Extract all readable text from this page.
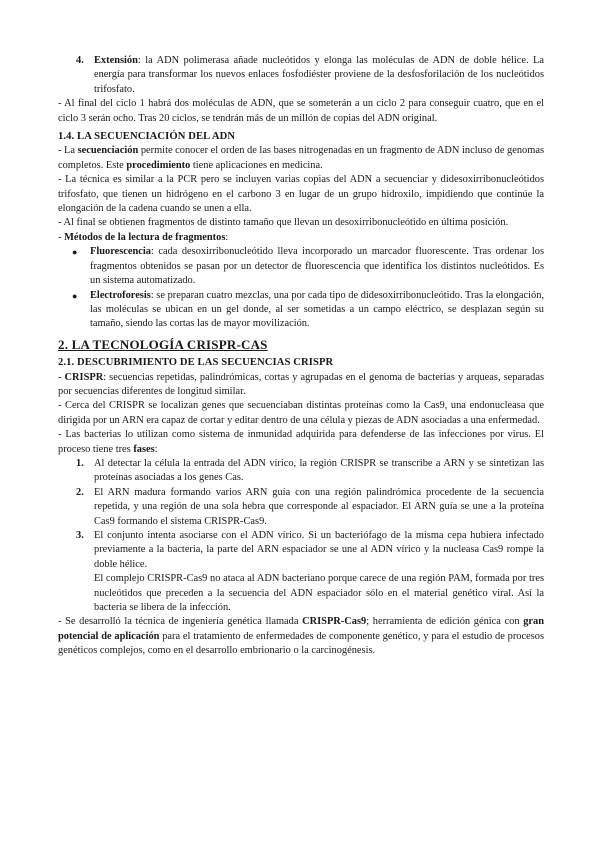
4. Extensión: la ADN polimerasa añade nucleótidos y elonga las moléculas de ADN de doble hélice. La energía para transformar los nuevos enlaces fosfodiéster proviene de la desfosforilación de los nucleótidos trifosfato.

- Al final del ciclo 1 habrá dos moléculas de ADN, que se someterán a un ciclo 2 para conseguir cuatro, que en el ciclo 3 serán ocho. Tras 20 ciclos, se tendrán más de un millón de copias del ADN original.

1.4. LA SECUENCIACIÓN DEL ADN

- La secuenciación permite conocer el orden de las bases nitrogenadas en un fragmento de ADN incluso de genomas completos. Este procedimiento tiene aplicaciones en medicina.

- La técnica es similar a la PCR pero se incluyen varias copias del ADN a secuenciar y didesoxirribonucleótidos trifosfato, que tienen un hidrógeno en el carbono 3 en lugar de un grupo hidroxilo, impidiendo que continúe la elongación de la cadena cuando se unen a ella.

- Al final se obtienen fragmentos de distinto tamaño que llevan un desoxirribonucleótido en última posición.

- Métodos de la lectura de fragmentos:

●	Fluorescencia: cada desoxirribonucleótido lleva incorporado un marcador fluorescente. Tras ordenar los fragmentos obtenidos se pasan por un detector de fluorescencia que identifica los distintos nucleótidos. Es un sistema automatizado.
●	Electroforesis: se preparan cuatro mezclas, una por cada tipo de didesoxirribonucleótido. Tras la elongación, las moléculas se ubican en un gel donde, al ser sometidas a un campo eléctrico, se desplazan según su tamaño, siendo las cortas las de mayor movilización.
2. LA TECNOLOGÍA CRISPR-CAS
2.1. DESCUBRIMIENTO DE LAS SECUENCIAS CRISPR

- CRISPR: secuencias repetidas, palindrómicas, cortas y agrupadas en el genoma de bacterias y arqueas, separadas por secuencias diferentes de longitud similar.

- Cerca del CRISPR se localizan genes que secuenciaban distintas proteínas como la Cas9, una endonucleasa que dirigida por un ARN era capaz de cortar y editar dentro de una célula y piezas de ADN asociadas a una enfermedad.

- Las bacterias lo utilizan como sistema de inmunidad adquirida para defenderse de las infecciones por virus. El proceso tiene tres fases:

1. Al detectar la célula la entrada del ADN vírico, la región CRISPR se transcribe a ARN y se sintetizan las proteínas asociadas a los genes Cas.
2. El ARN madura formando varios ARN guía con una región palindrómica procedente de la secuencia repetida, y una región de una sola hebra que corresponde al espaciador. El ARN guía se une a la proteína Cas9 formando el sistema CRISPR-Cas9.
3. El conjunto intenta asociarse con el ADN vírico. Si un bacteriófago de la misma cepa hubiera infectado previamente a la bacteria, la parte del ARN espaciador se une al ADN vírico y la nucleasa Cas9 rompe la doble hélice.

El complejo CRISPR-Cas9 no ataca al ADN bacteriano porque carece de una región PAM, formada por tres nucleótidos que preceden a la secuencia del ADN espaciador sólo en el material genético viral. Así la bacteria se libera de la infección.

- Se desarrolló la técnica de ingeniería genética llamada CRISPR-Cas9; herramienta de edición génica con gran potencial de aplicación para el tratamiento de enfermedades de componente genético, y para el estudio de procesos genéticos complejos, como en el desarrollo embrionario o la carcinogénesis.
